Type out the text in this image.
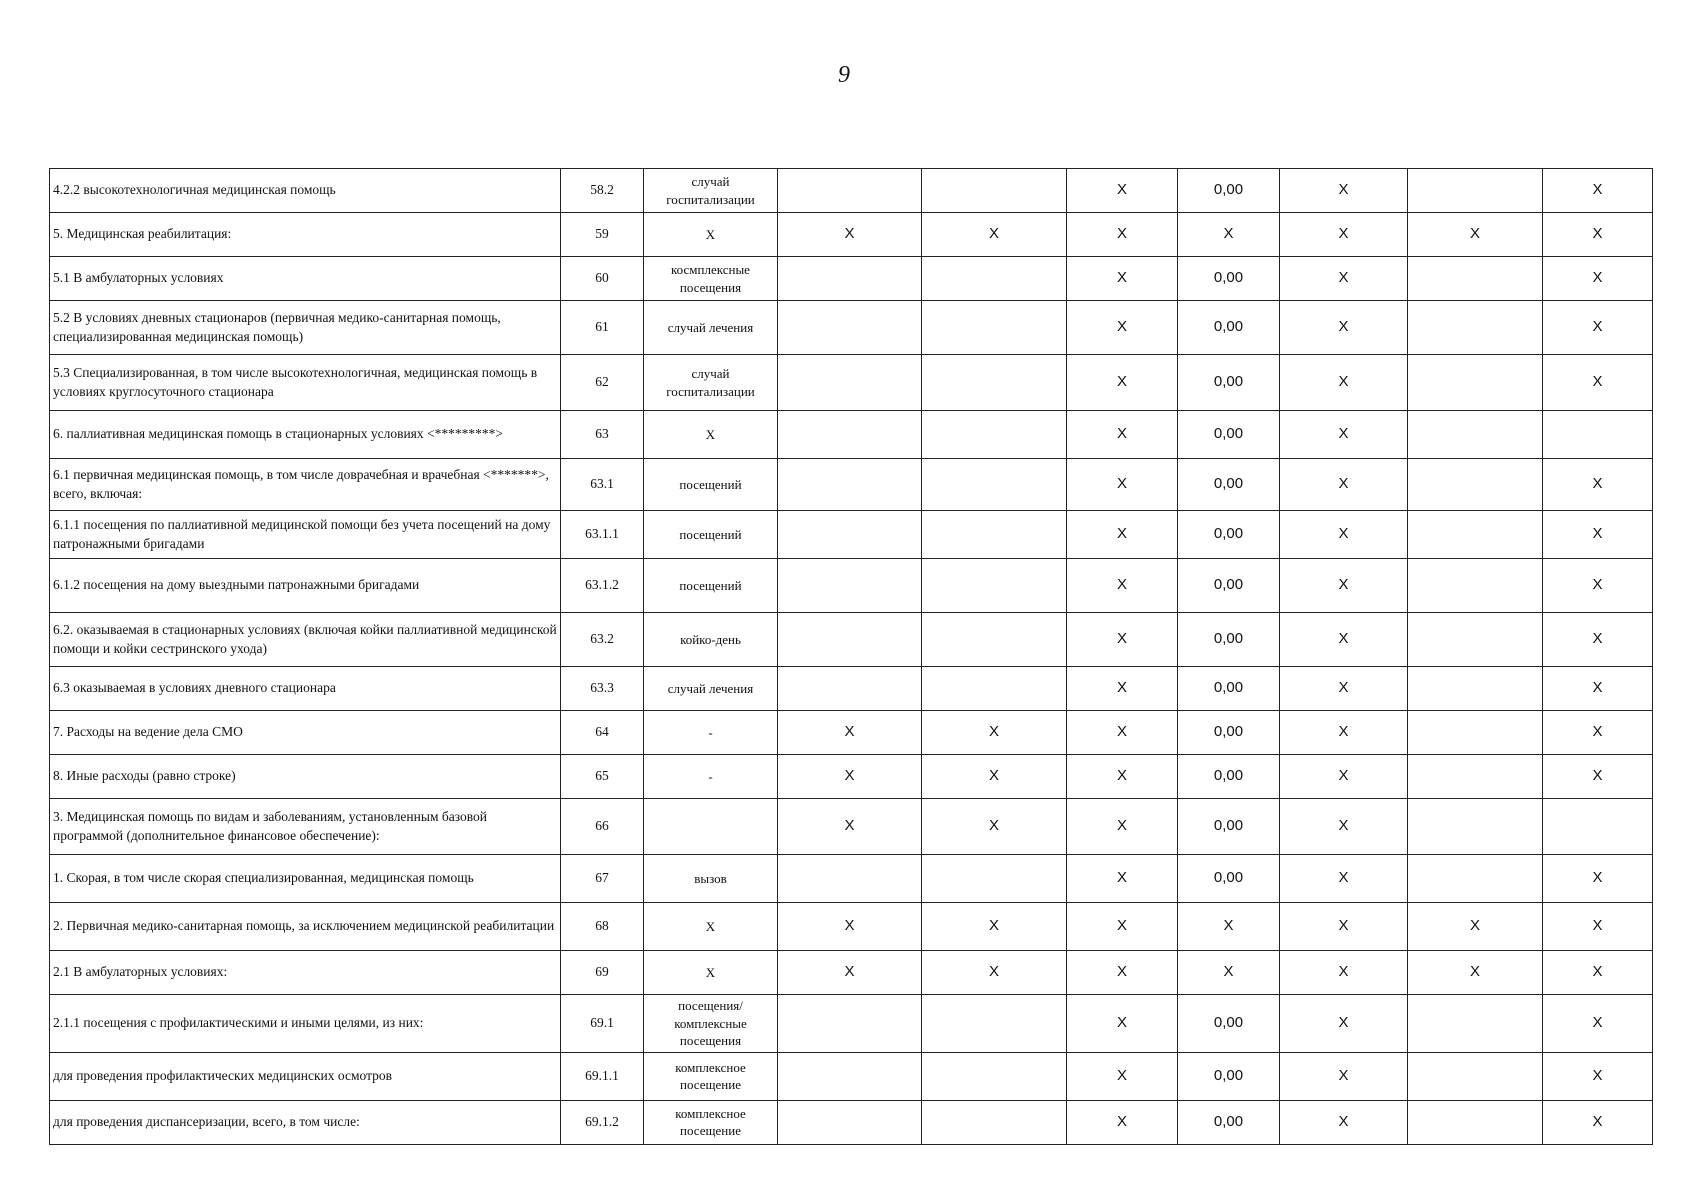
9
4.2.2 высокотехнологичная медицинская помощь	58.2	случай госпитализации			X	0,00	X		X
5. Медицинская реабилитация:	59	X	X	X	X	X	X	X	X
5.1 В амбулаторных условиях	60	космплексные посещения			X	0,00	X		X
5.2 В условиях дневных стационаров (первичная медико-санитарная помощь, специализированная медицинская помощь)	61	случай лечения			X	0,00	X		X
5.3 Специализированная, в том числе высокотехнологичная, медицинская помощь в условиях круглосуточного стационара	62	случай госпитализации			X	0,00	X		X
6. паллиативная медицинская помощь в стационарных условиях <*********>	63	X			X	0,00	X		
6.1 первичная медицинская помощь, в том числе доврачебная и врачебная <*******>, всего, включая:	63.1	посещений			X	0,00	X		X
6.1.1 посещения по паллиативной медицинской помощи без учета посещений на дому патронажными бригадами	63.1.1	посещений			X	0,00	X		X
6.1.2 посещения на дому выездными патронажными бригадами	63.1.2	посещений			X	0,00	X		X
6.2. оказываемая в стационарных условиях (включая койки паллиативной медицинской помощи и койки сестринского ухода)	63.2	койко-день			X	0,00	X		X
6.3 оказываемая в условиях дневного стационара	63.3	случай лечения			X	0,00	X		X
7. Расходы на ведение дела СМО	64	-	X	X	X	0,00	X		X
8. Иные расходы (равно строке)	65	-	X	X	X	0,00	X		X
3. Медицинская помощь по видам и заболеваниям, установленным базовой программой (дополнительное финансовое обеспечение):	66		X	X	X	0,00	X		
1. Скорая, в том числе скорая специализированная, медицинская помощь	67	вызов			X	0,00	X		X
2. Первичная медико-санитарная помощь, за исключением медицинской реабилитации	68	X	X	X	X	X	X	X	X
2.1 В амбулаторных условиях:	69	X	X	X	X	X	X	X	X
2.1.1 посещения с профилактическими и иными целями, из них:	69.1	посещения/ комплексные посещения			X	0,00	X		X
для проведения профилактических медицинских осмотров	69.1.1	комплексное посещение			X	0,00	X		X
для проведения диспансеризации, всего, в том числе:	69.1.2	комплексное посещение			X	0,00	X		X
